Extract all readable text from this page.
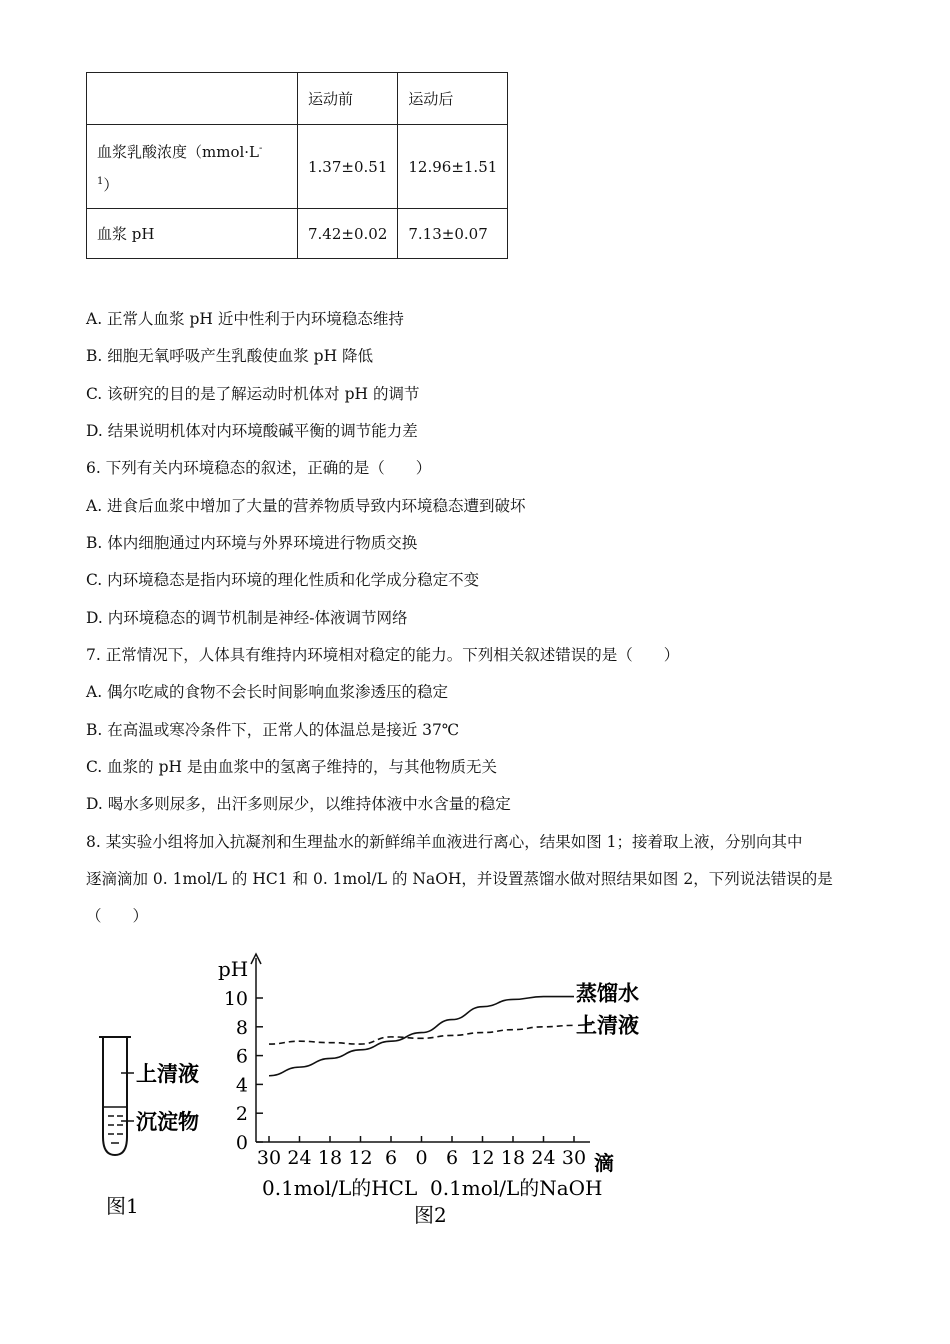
	运动前	运动后
血浆乳酸浓度（mmol·L-
$^1$）	1.37±0.51	12.96±1.51
血浆 pH	7.42±0.02	7.13±0.07
A. 正常人血浆 pH 近中性利于内环境稳态维持
B. 细胞无氧呼吸产生乳酸使血浆 pH 降低
C. 该研究的目的是了解运动时机体对 pH 的调节
D. 结果说明机体对内环境酸碱平衡的调节能力差
6. 下列有关内环境稳态的叙述，正确的是（　　）
A. 进食后血浆中增加了大量的营养物质导致内环境稳态遭到破坏
B. 体内细胞通过内环境与外界环境进行物质交换
C. 内环境稳态是指内环境的理化性质和化学成分稳定不变
D. 内环境稳态的调节机制是神经-体液调节网络
7. 正常情况下，人体具有维持内环境相对稳定的能力。下列相关叙述错误的是（　　）
A. 偶尔吃咸的食物不会长时间影响血浆渗透压的稳定
B. 在高温或寒冷条件下，正常人的体温总是接近 37℃
C. 血浆的 pH 是由血浆中的氢离子维持的，与其他物质无关
D. 喝水多则尿多，出汗多则尿少，以维持体液中水含量的稳定
8. 某实验小组将加入抗凝剂和生理盐水的新鲜绵羊血液进行离心，结果如图 1；接着取上液，分别向其中
逐滴滴加 0. 1mol/L 的 HC1 和 0. 1mol/L 的 NaOH，并设置蒸馏水做对照结果如图 2，下列说法错误的是
（　　）
上清液
沉淀物
图1
pH
滴
0.1mol/L的HCL 0.1mol/L的NaOH
图2
0
2
4
6
8
10
30 24 18 12 6 0 6 12 18 24 30
蒸馏水
上清液
